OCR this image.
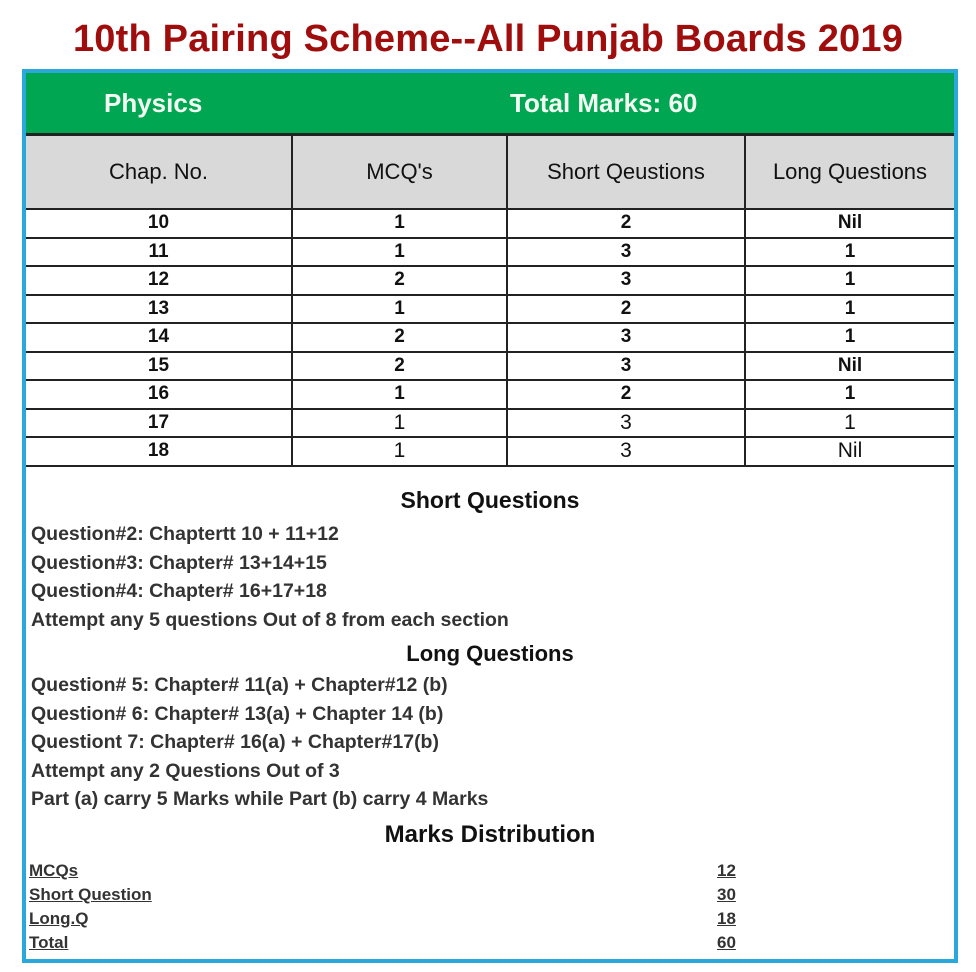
10th Pairing Scheme--All Punjab Boards 2019
Physics	Total Marks: 60
Chap. No.	MCQ's	Short Qeustions	Long Questions
10	1	2	Nil
11	1	3	1
12	2	3	1
13	1	2	1
14	2	3	1
15	2	3	Nil
16	1	2	1
17	1	3	1
18	1	3	Nil
Short Questions
Question#2: Chaptertt 10 + 11+12
Question#3: Chapter# 13+14+15
Question#4: Chapter# 16+17+18
Attempt any 5 questions Out of 8 from each section
Long Questions
Question# 5: Chapter# 11(a) + Chapter#12 (b)
Question# 6: Chapter# 13(a) + Chapter 14 (b)
Questiont 7: Chapter# 16(a) + Chapter#17(b)
Attempt any 2 Questions Out of 3
Part (a) carry 5 Marks while Part (b) carry 4 Marks
Marks Distribution
MCQs	12
Short Question	30
Long.Q	18
Total	60
